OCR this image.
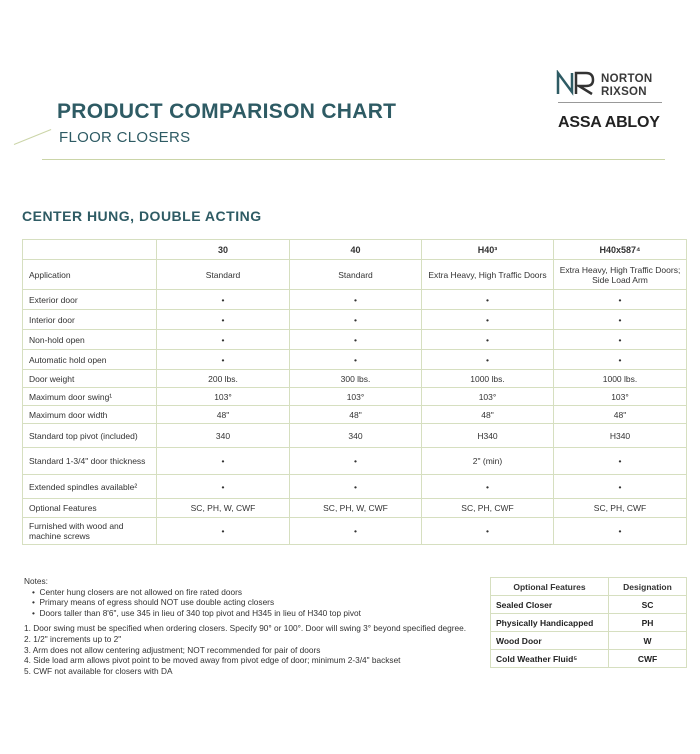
PRODUCT COMPARISON CHART
FLOOR CLOSERS
NORTON
RIXSON
ASSA ABLOY
CENTER HUNG, DOUBLE ACTING
	30	40	H40³	H40x587⁴
Application	Standard	Standard	Extra Heavy, High Traffic Doors	Extra Heavy, High Traffic Doors; Side Load Arm
Exterior door	•	•	•	•
Interior door	•	•	•	•
Non-hold open	•	•	•	•
Automatic hold open	•	•	•	•
Door weight	200 lbs.	300 lbs.	1000 lbs.	1000 lbs.
Maximum door swing¹	103°	103°	103°	103°
Maximum door width	48"	48"	48"	48"
Standard top pivot (included)	340	340	H340	H340
Standard 1-3/4" door thickness	•	•	2" (min)	•
Extended spindles available²	•	•	•	•
Optional Features	SC, PH, W, CWF	SC, PH, W, CWF	SC, PH, CWF	SC, PH, CWF
Furnished with wood and machine screws	•	•	•	•
Notes:
•  Center hung closers are not allowed on fire rated doors
•  Primary means of egress should NOT use double acting closers
•  Doors taller than 8'6", use 345 in lieu of 340 top pivot and H345 in lieu of H340 top pivot
1. Door swing must be specified when ordering closers. Specify 90° or 100°. Door will swing 3° beyond specified degree.
2. 1/2" increments up to 2"
3. Arm does not allow centering adjustment; NOT recommended for pair of doors
4. Side load arm allows pivot point to be moved away from pivot edge of door; minimum 2-3/4" backset
5. CWF not available for closers with DA
Optional Features	Designation
Sealed Closer	SC
Physically Handicapped	PH
Wood Door	W
Cold Weather Fluid⁵	CWF
